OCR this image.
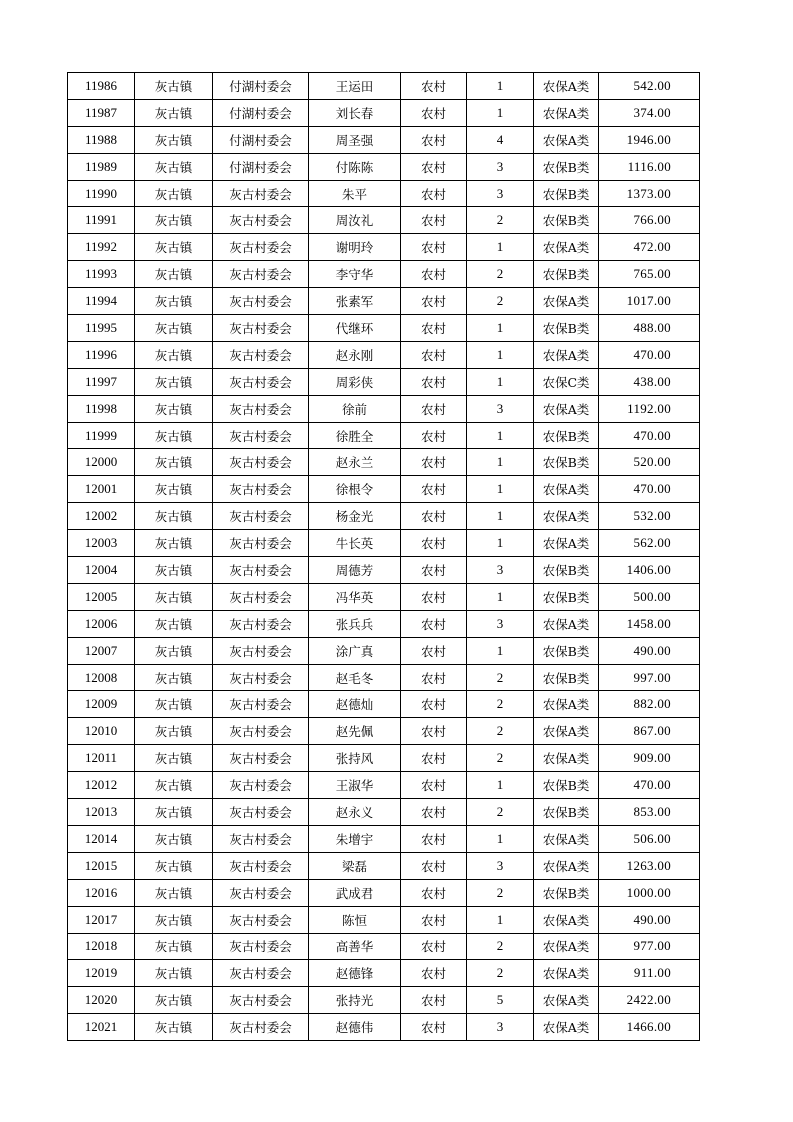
11986	灰古镇	付湖村委会	王运田	农村	1	农保A类	542.00
11987	灰古镇	付湖村委会	刘长春	农村	1	农保A类	374.00
11988	灰古镇	付湖村委会	周圣强	农村	4	农保A类	1946.00
11989	灰古镇	付湖村委会	付陈陈	农村	3	农保B类	1116.00
11990	灰古镇	灰古村委会	朱平	农村	3	农保B类	1373.00
11991	灰古镇	灰古村委会	周汝礼	农村	2	农保B类	766.00
11992	灰古镇	灰古村委会	谢明玲	农村	1	农保A类	472.00
11993	灰古镇	灰古村委会	李守华	农村	2	农保B类	765.00
11994	灰古镇	灰古村委会	张素军	农村	2	农保A类	1017.00
11995	灰古镇	灰古村委会	代继环	农村	1	农保B类	488.00
11996	灰古镇	灰古村委会	赵永刚	农村	1	农保A类	470.00
11997	灰古镇	灰古村委会	周彩侠	农村	1	农保C类	438.00
11998	灰古镇	灰古村委会	徐前	农村	3	农保A类	1192.00
11999	灰古镇	灰古村委会	徐胜全	农村	1	农保B类	470.00
12000	灰古镇	灰古村委会	赵永兰	农村	1	农保B类	520.00
12001	灰古镇	灰古村委会	徐根令	农村	1	农保A类	470.00
12002	灰古镇	灰古村委会	杨金光	农村	1	农保A类	532.00
12003	灰古镇	灰古村委会	牛长英	农村	1	农保A类	562.00
12004	灰古镇	灰古村委会	周德芳	农村	3	农保B类	1406.00
12005	灰古镇	灰古村委会	冯华英	农村	1	农保B类	500.00
12006	灰古镇	灰古村委会	张兵兵	农村	3	农保A类	1458.00
12007	灰古镇	灰古村委会	涂广真	农村	1	农保B类	490.00
12008	灰古镇	灰古村委会	赵毛冬	农村	2	农保B类	997.00
12009	灰古镇	灰古村委会	赵德灿	农村	2	农保A类	882.00
12010	灰古镇	灰古村委会	赵先佩	农村	2	农保A类	867.00
12011	灰古镇	灰古村委会	张持风	农村	2	农保A类	909.00
12012	灰古镇	灰古村委会	王淑华	农村	1	农保B类	470.00
12013	灰古镇	灰古村委会	赵永义	农村	2	农保B类	853.00
12014	灰古镇	灰古村委会	朱增宇	农村	1	农保A类	506.00
12015	灰古镇	灰古村委会	梁磊	农村	3	农保A类	1263.00
12016	灰古镇	灰古村委会	武成君	农村	2	农保B类	1000.00
12017	灰古镇	灰古村委会	陈恒	农村	1	农保A类	490.00
12018	灰古镇	灰古村委会	高善华	农村	2	农保A类	977.00
12019	灰古镇	灰古村委会	赵德锋	农村	2	农保A类	911.00
12020	灰古镇	灰古村委会	张持光	农村	5	农保A类	2422.00
12021	灰古镇	灰古村委会	赵德伟	农村	3	农保A类	1466.00
